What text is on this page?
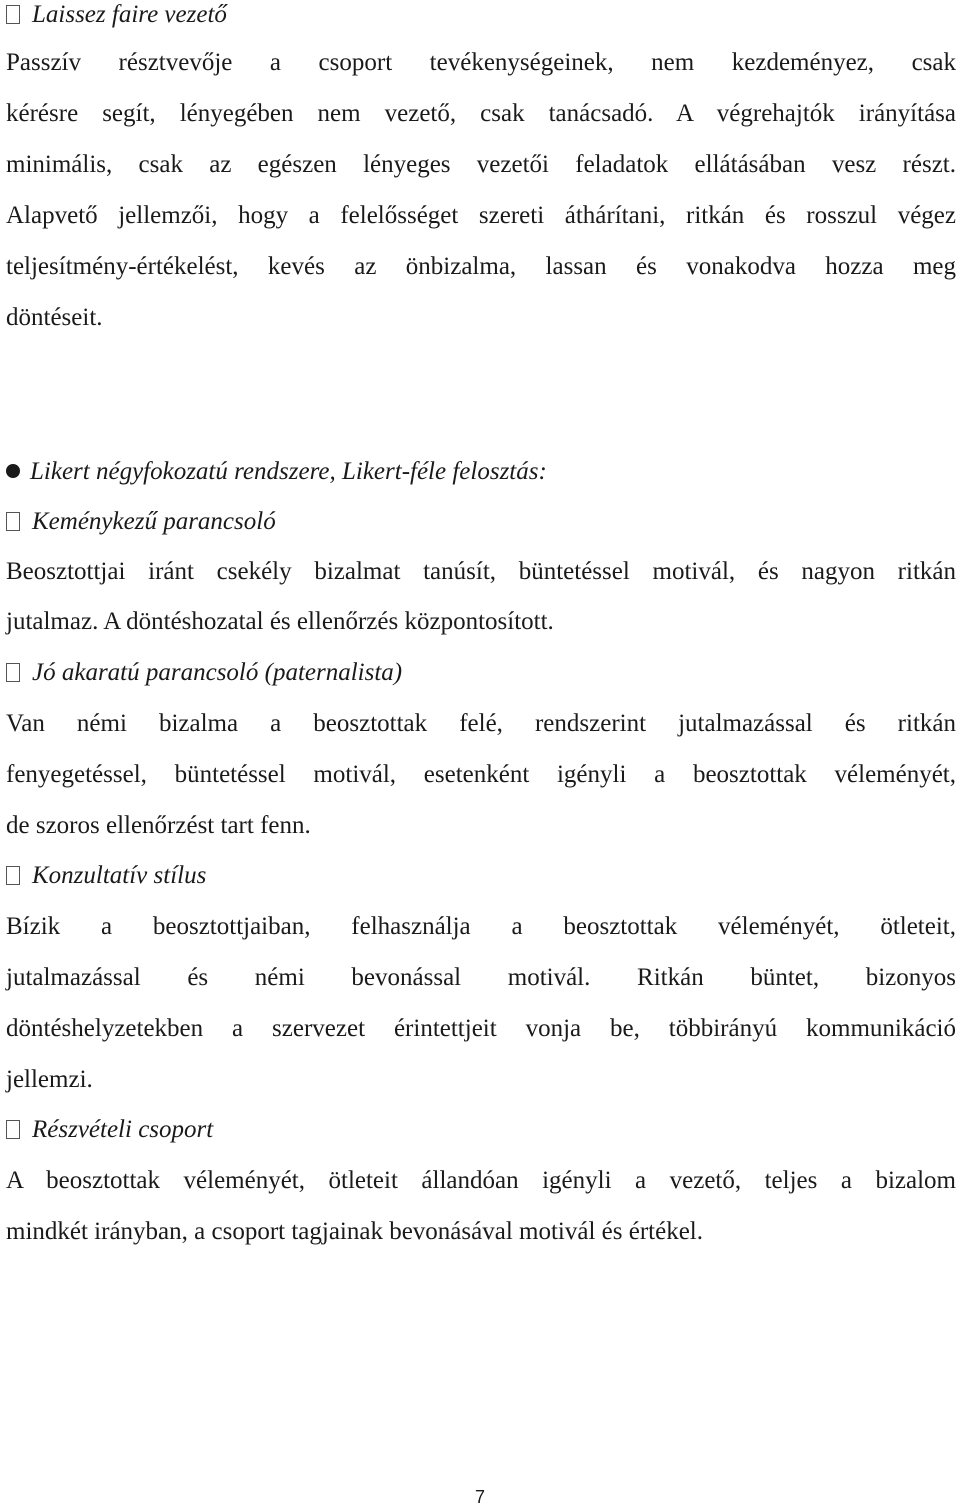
Laissez faire vezető
Passzív résztvevője a csoport tevékenységeinek, nem kezdeményez, csak
kérésre segít, lényegében nem vezető, csak tanácsadó. A végrehajtók irányítása
minimális, csak az egészen lényeges vezetői feladatok ellátásában vesz részt.
Alapvető jellemzői, hogy a felelősséget szereti áthárítani, ritkán és rosszul végez
teljesítmény-értékelést, kevés az önbizalma, lassan és vonakodva hozza meg
döntéseit.
Likert négyfokozatú rendszere, Likert-féle felosztás:
Keménykezű parancsoló
Beosztottjai iránt csekély bizalmat tanúsít, büntetéssel motivál, és nagyon ritkán
jutalmaz. A döntéshozatal és ellenőrzés központosított.
Jó akaratú parancsoló (paternalista)
Van némi bizalma a beosztottak felé, rendszerint jutalmazással és ritkán
fenyegetéssel, büntetéssel motivál, esetenként igényli a beosztottak véleményét,
de szoros ellenőrzést tart fenn.
Konzultatív stílus
Bízik a beosztottjaiban, felhasználja a beosztottak véleményét, ötleteit,
jutalmazással és némi bevonással motivál. Ritkán büntet, bizonyos
döntéshelyzetekben a szervezet érintettjeit vonja be, többirányú kommunikáció
jellemzi.
Részvételi csoport
A beosztottak véleményét, ötleteit állandóan igényli a vezető, teljes a bizalom
mindkét irányban, a csoport tagjainak bevonásával motivál és értékel.
7
